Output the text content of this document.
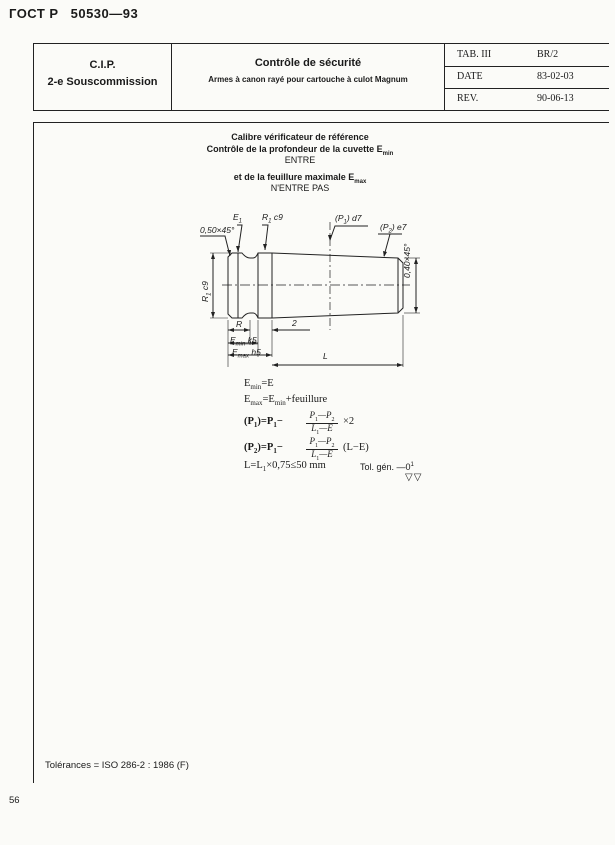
ГОСТ Р 50530—93
C.I.P.
2-e Souscommission
Contrôle de sécurité
Armes à canon rayé pour cartouche à culot Magnum
TAB. III	BR/2
DATE	83-02-03
REV.	90-06-13
Calibre vérificateur de référence
Contrôle de la profondeur de la cuvette $E_{min}$
ENTRE
et de la feuillure maximale $E_{max}$
N'ENTRE PAS
$E_1$ $R_1$ c9	$(P_1)$ d7
$(P_2)$ e7
0,50×45°
0,40×45°
$R_1$ c9
R	2
$E_{min}$ k5
$E_{max}$ h5	L
$E_{min}=E$
$E_{max}=E_{min}+feuillure$
$(P_1)=P_1-$
$P_1—P_2$
$L_1—E$
×2
$(P_2)=P_1-$
$P_1—P_2$
$L_1—E$
(L−E)
$L=L_1\times 0,75\le 50$ mm	Tol. gén. $—0^1$
▽▽
Tolérances = ISO 286-2 : 1986 (F)
56
